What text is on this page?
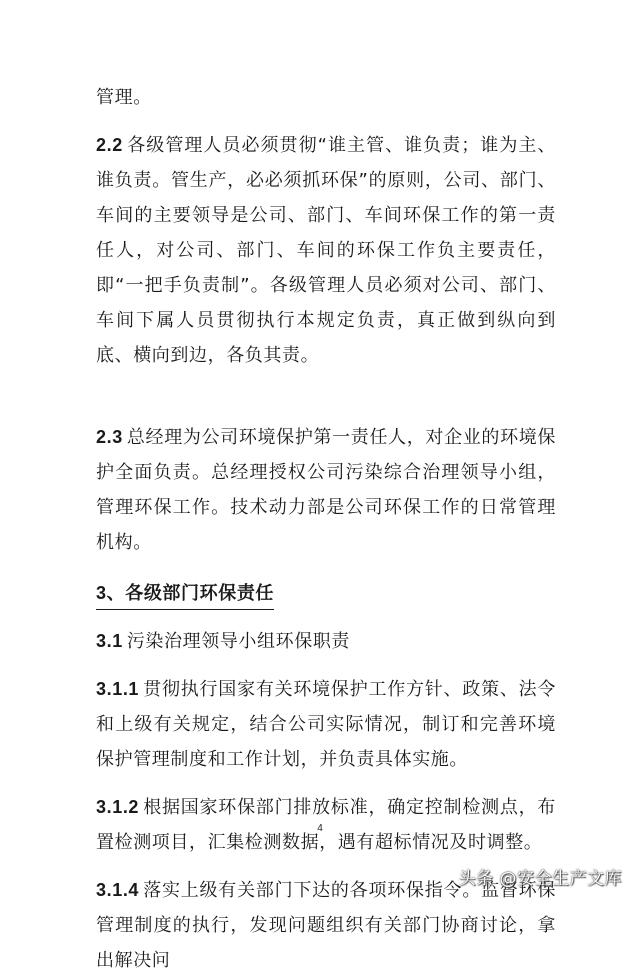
管理。

2.2 各级管理人员必须贯彻“谁主管、谁负责；谁为主、谁负责。管生产，必必须抓环保”的原则，公司、部门、车间的主要领导是公司、部门、车间环保工作的第一责任人，对公司、部门、车间的环保工作负主要责任，即“一把手负责制”。各级管理人员必须对公司、部门、车间下属人员贯彻执行本规定负责，真正做到纵向到底、横向到边，各负其责。

2.3 总经理为公司环境保护第一责任人，对企业的环境保护全面负责。总经理授权公司污染综合治理领导小组，管理环保工作。技术动力部是公司环保工作的日常管理机构。

3、各级部门环保责任

3.1 污染治理领导小组环保职责

3.1.1 贯彻执行国家有关环境保护工作方针、政策、法令和上级有关规定，结合公司实际情况，制订和完善环境保护管理制度和工作计划，并负责具体实施。

3.1.2 根据国家环保部门排放标准，确定控制检测点，布置检测项目，汇集检测数据，遇有超标情况及时调整。

3.1.4 落实上级有关部门下达的各项环保指令。监督环保管理制度的执行，发现问题组织有关部门协商讨论，拿出解决问

4
头条 @安全生产文库
